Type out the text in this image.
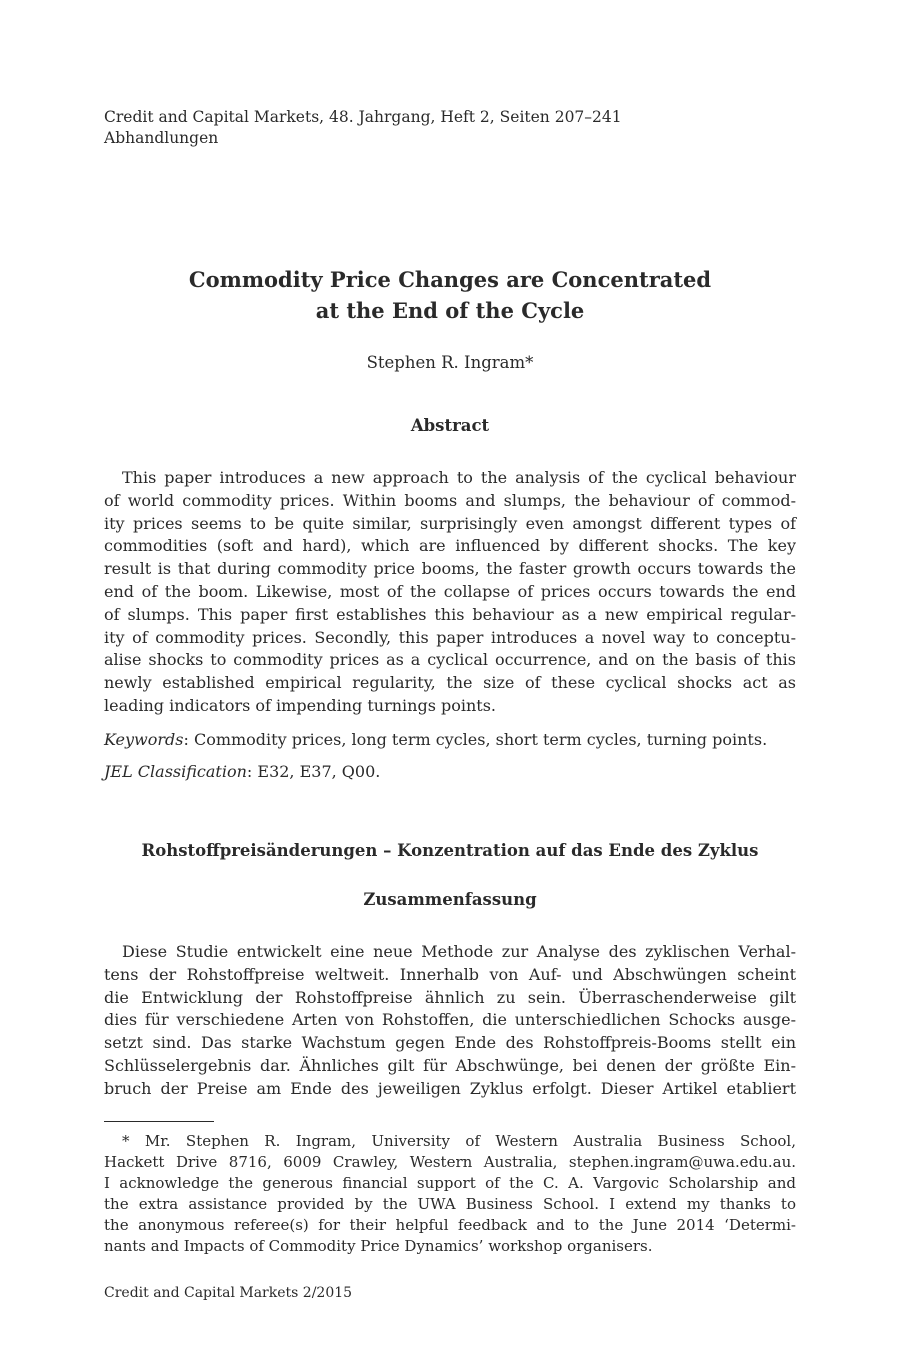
Credit and Capital Markets, 48. Jahrgang, Heft 2, Seiten 207–241
Abhandlungen
Commodity Price Changes are Concentrated
at the End of the Cycle
Stephen R. Ingram*
Abstract
This paper introduces a new approach to the analysis of the cyclical behaviour
of world commodity prices. Within booms and slumps, the behaviour of commod-
ity prices seems to be quite similar, surprisingly even amongst different types of
commodities (soft and hard), which are influenced by different shocks. The key
result is that during commodity price booms, the faster growth occurs towards the
end of the boom. Likewise, most of the collapse of prices occurs towards the end
of slumps. This paper first establishes this behaviour as a new empirical regular-
ity of commodity prices. Secondly, this paper introduces a novel way to conceptu-
alise shocks to commodity prices as a cyclical occurrence, and on the basis of this
newly established empirical regularity, the size of these cyclical shocks act as
leading indicators of impending turnings points.
Keywords: Commodity prices, long term cycles, short term cycles, turning points.
JEL Classification: E32, E37, Q00.
Rohstoffpreisänderungen – Konzentration auf das Ende des Zyklus
Zusammenfassung
Diese Studie entwickelt eine neue Methode zur Analyse des zyklischen Verhal-
tens der Rohstoffpreise weltweit. Innerhalb von Auf- und Abschwüngen scheint
die Entwicklung der Rohstoffpreise ähnlich zu sein. Überraschenderweise gilt
dies für verschiedene Arten von Rohstoffen, die unterschiedlichen Schocks ausge-
setzt sind. Das starke Wachstum gegen Ende des Rohstoffpreis-Booms stellt ein
Schlüsselergebnis dar. Ähnliches gilt für Abschwünge, bei denen der größte Ein-
bruch der Preise am Ende des jeweiligen Zyklus erfolgt. Dieser Artikel etabliert
* Mr. Stephen R. Ingram, University of Western Australia Business School,
Hackett Drive 8716, 6009 Crawley, Western Australia, stephen.ingram@uwa.edu.au.
I acknowledge the generous financial support of the C. A. Vargovic Scholarship and
the extra assistance provided by the UWA Business School. I extend my thanks to
the anonymous referee(s) for their helpful feedback and to the June 2014 ‘Determi-
nants and Impacts of Commodity Price Dynamics’ workshop organisers.
Credit and Capital Markets 2/2015
